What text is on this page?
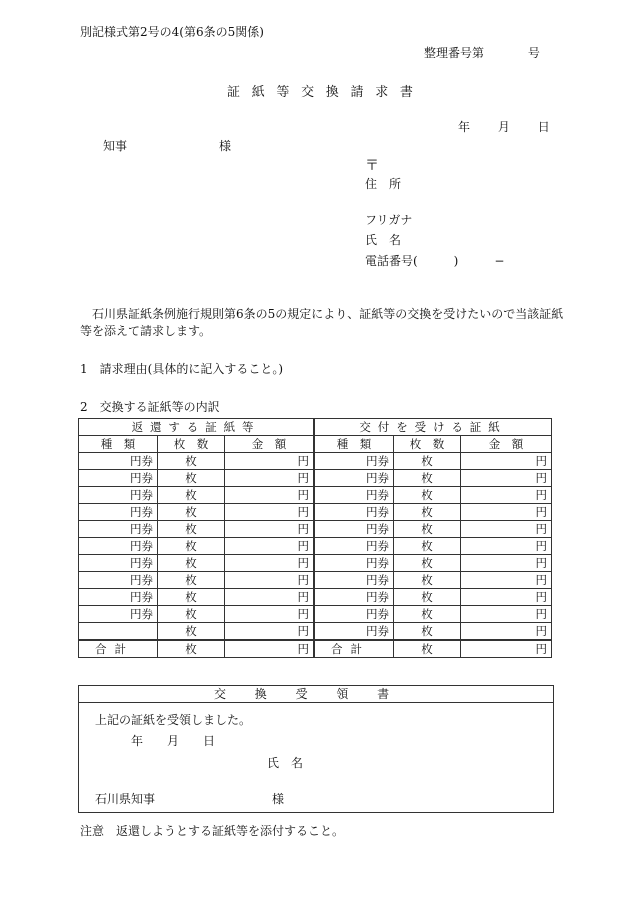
別記様式第2号の4(第6条の5関係)
整理番号第	号
証紙等交換請求書
年 月 日
知事	様
〒
住　所
フリガナ
氏　名
電話番号(　　　)　　　−
石川県証紙条例施行規則第6条の5の規定により、証紙等の交換を受けたいので当該証紙
等を添えて請求します。
1　請求理由(具体的に記入すること。)
2　交換する証紙等の内訳
返還する証紙等			交付を受ける証紙		
種　類	枚　数	金　額	種　類	枚　数	金　額
円券	枚	円	円券	枚	円
円券	枚	円	円券	枚	円
円券	枚	円	円券	枚	円
円券	枚	円	円券	枚	円
円券	枚	円	円券	枚	円
円券	枚	円	円券	枚	円
円券	枚	円	円券	枚	円
円券	枚	円	円券	枚	円
円券	枚	円	円券	枚	円
円券	枚	円	円券	枚	円
	枚	円	円券	枚	円
合計	枚	円	合計	枚	円
交換受領書
上記の証紙を受領しました。
年　　月　　日
氏　名
石川県知事	様
注意　返還しようとする証紙等を添付すること。
